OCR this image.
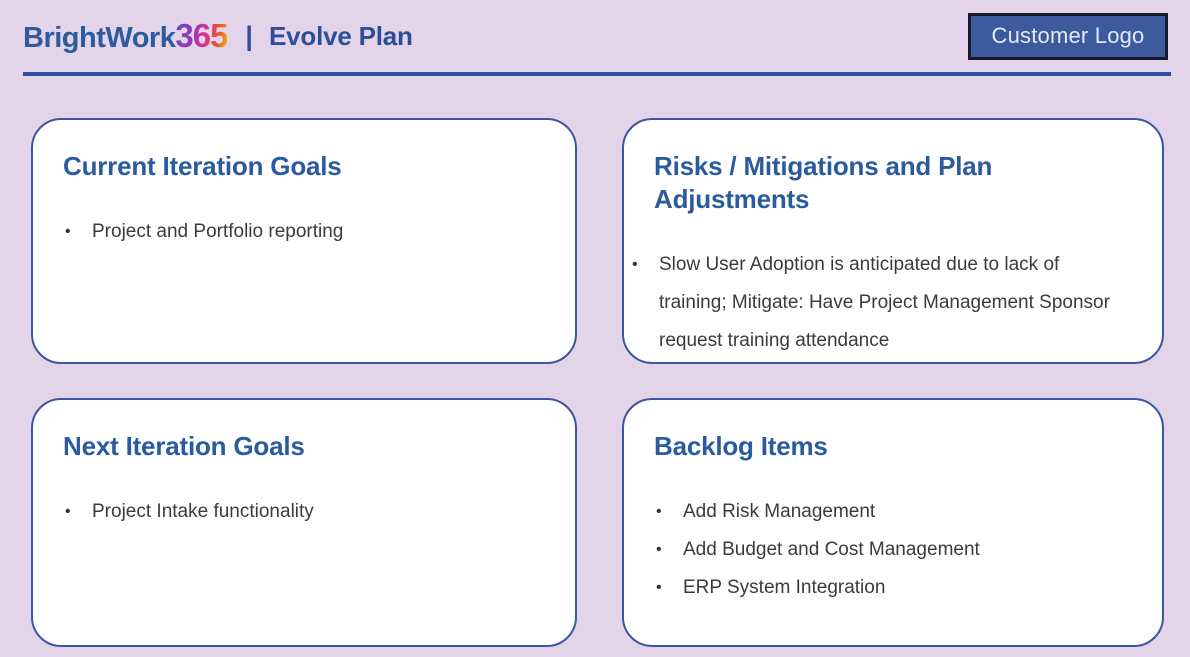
BrightWork 365 | Evolve Plan	Customer Logo
Current Iteration Goals
•	Project and Portfolio reporting
Risks / Mitigations and Plan Adjustments
•	Slow User Adoption is anticipated due to lack of training; Mitigate: Have Project Management Sponsor request training attendance
Next Iteration Goals
•	Project Intake functionality
Backlog Items
•	Add Risk Management
•	Add Budget and Cost Management
•	ERP System Integration
